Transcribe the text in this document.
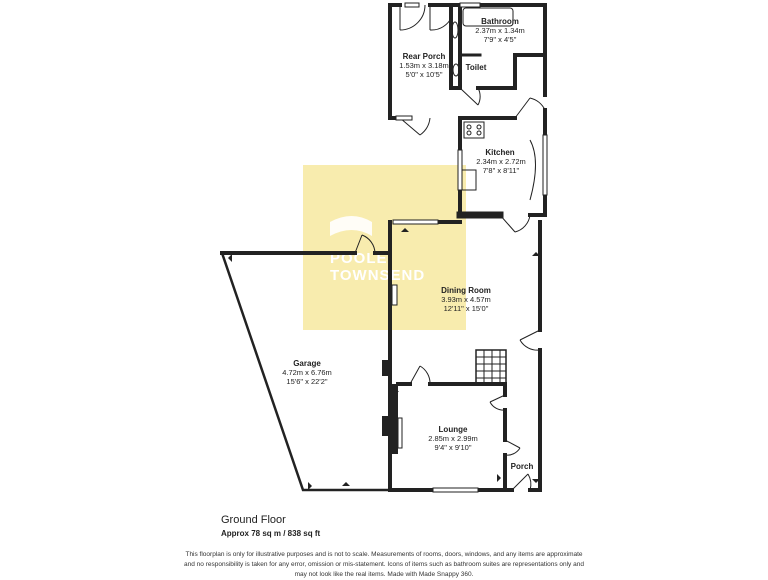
POOLE
TOWNSEND
Rear Porch
1.53m x 3.18m
5'0" x 10'5"
Bathroom
2.37m x 1.34m
7'9" x 4'5"
Toilet
Kitchen
2.34m x 2.72m
7'8" x 8'11"
Dining Room
3.93m x 4.57m
12'11" x 15'0"
Garage
4.72m x 6.76m
15'6" x 22'2"
Lounge
2.85m x 2.99m
9'4" x 9'10"
Porch
Ground Floor
Approx 78 sq m / 838 sq ft
This floorplan is only for illustrative purposes and is not to scale. Measurements of rooms, doors, windows, and any items are approximate
and no responsibility is taken for any error, omission or mis-statement. Icons of items such as bathroom suites are representations only and
may not look like the real items. Made with Made Snappy 360.
